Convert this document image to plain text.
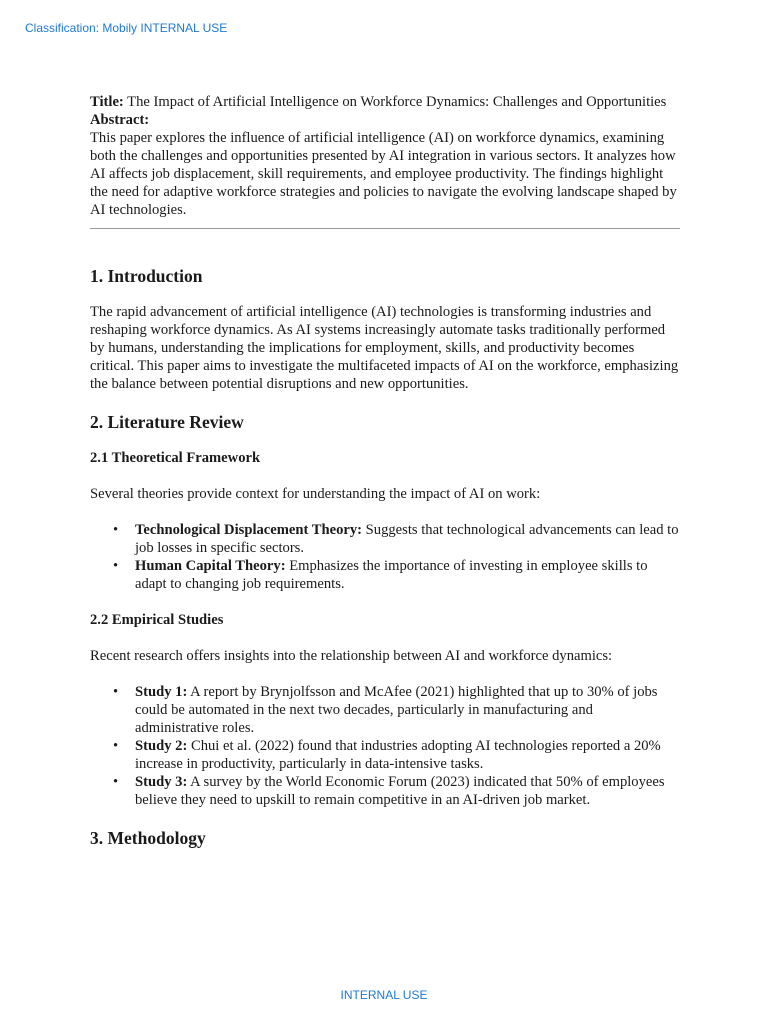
Classification: Mobily INTERNAL USE

Title: The Impact of Artificial Intelligence on Workforce Dynamics: Challenges and Opportunities

Abstract:

This paper explores the influence of artificial intelligence (AI) on workforce dynamics, examining both the challenges and opportunities presented by AI integration in various sectors. It analyzes how AI affects job displacement, skill requirements, and employee productivity. The findings highlight the need for adaptive workforce strategies and policies to navigate the evolving landscape shaped by AI technologies.

1. Introduction

The rapid advancement of artificial intelligence (AI) technologies is transforming industries and reshaping workforce dynamics. As AI systems increasingly automate tasks traditionally performed by humans, understanding the implications for employment, skills, and productivity becomes critical. This paper aims to investigate the multifaceted impacts of AI on the workforce, emphasizing the balance between potential disruptions and new opportunities.

2. Literature Review
2.1 Theoretical Framework

Several theories provide context for understanding the impact of AI on work:

• Technological Displacement Theory: Suggests that technological advancements can lead to job losses in specific sectors.
• Human Capital Theory: Emphasizes the importance of investing in employee skills to adapt to changing job requirements.
2.2 Empirical Studies

Recent research offers insights into the relationship between AI and workforce dynamics:

• Study 1: A report by Brynjolfsson and McAfee (2021) highlighted that up to 30% of jobs could be automated in the next two decades, particularly in manufacturing and administrative roles.
• Study 2: Chui et al. (2022) found that industries adopting AI technologies reported a 20% increase in productivity, particularly in data-intensive tasks.
• Study 3: A survey by the World Economic Forum (2023) indicated that 50% of employees believe they need to upskill to remain competitive in an AI-driven job market.
3. Methodology
INTERNAL USE
